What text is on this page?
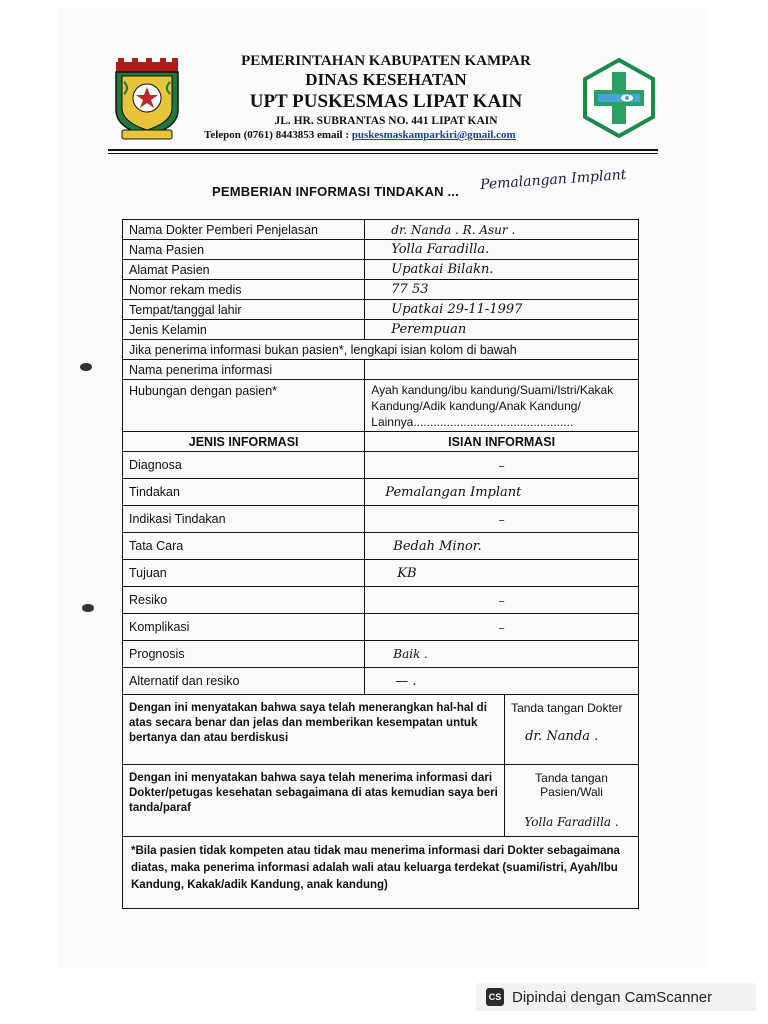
PEMERINTAHAN KABUPATEN KAMPAR
DINAS KESEHATAN
UPT PUSKESMAS LIPAT KAIN
JL. HR. SUBRANTAS NO. 441 LIPAT KAIN
Telepon (0761) 8443853 email : puskesmaskamparkiri@gmail.com
PEMBERIAN INFORMASI TINDAKAN ... Pemalangan Implant
Nama Dokter Pemberi Penjelasan	dr. Nanda . R. Asur .	
Nama Pasien	Yolla Faradilla.	
Alamat Pasien	Upatkai Bilakn.	
Nomor rekam medis	77 53	
Tempat/tanggal lahir	Upatkai 29-11-1997	
Jenis Kelamin	Perempuan	
Jika penerima informasi bukan pasien*, lengkapi isian kolom di bawah		
Nama penerima informasi		
Hubungan dengan pasien*	Ayah kandung/ibu kandung/Suami/Istri/Kakak Kandung/Adik kandung/Anak Kandung/ Lainnya................................................	
JENIS INFORMASI	ISIAN INFORMASI	
Diagnosa	–	
Tindakan	Pemalangan Implant	
Indikasi Tindakan	–	
Tata Cara	Bedah Minor.	
Tujuan	KB	
Resiko	–	
Komplikasi	–	
Prognosis	Baik .	
Alternatif dan resiko	— .	
Dengan ini menyatakan bahwa saya telah menerangkan hal-hal di atas secara benar dan jelas dan memberikan kesempatan untuk bertanya dan atau berdiskusi		Tanda tangan Dokter
dr. Nanda .

Dengan ini menyatakan bahwa saya telah menerima informasi dari Dokter/petugas kesehatan sebagaimana di atas kemudian saya beri tanda/paraf		Tanda tangan
Pasien/Wali
Yolla Faradilla .

*Bila pasien tidak kompeten atau tidak mau menerima informasi dari Dokter sebagaimana diatas, maka penerima informasi adalah wali atau keluarga terdekat (suami/istri, Ayah/Ibu Kandung, Kakak/adik Kandung, anak kandung)		
CS Dipindai dengan CamScanner
